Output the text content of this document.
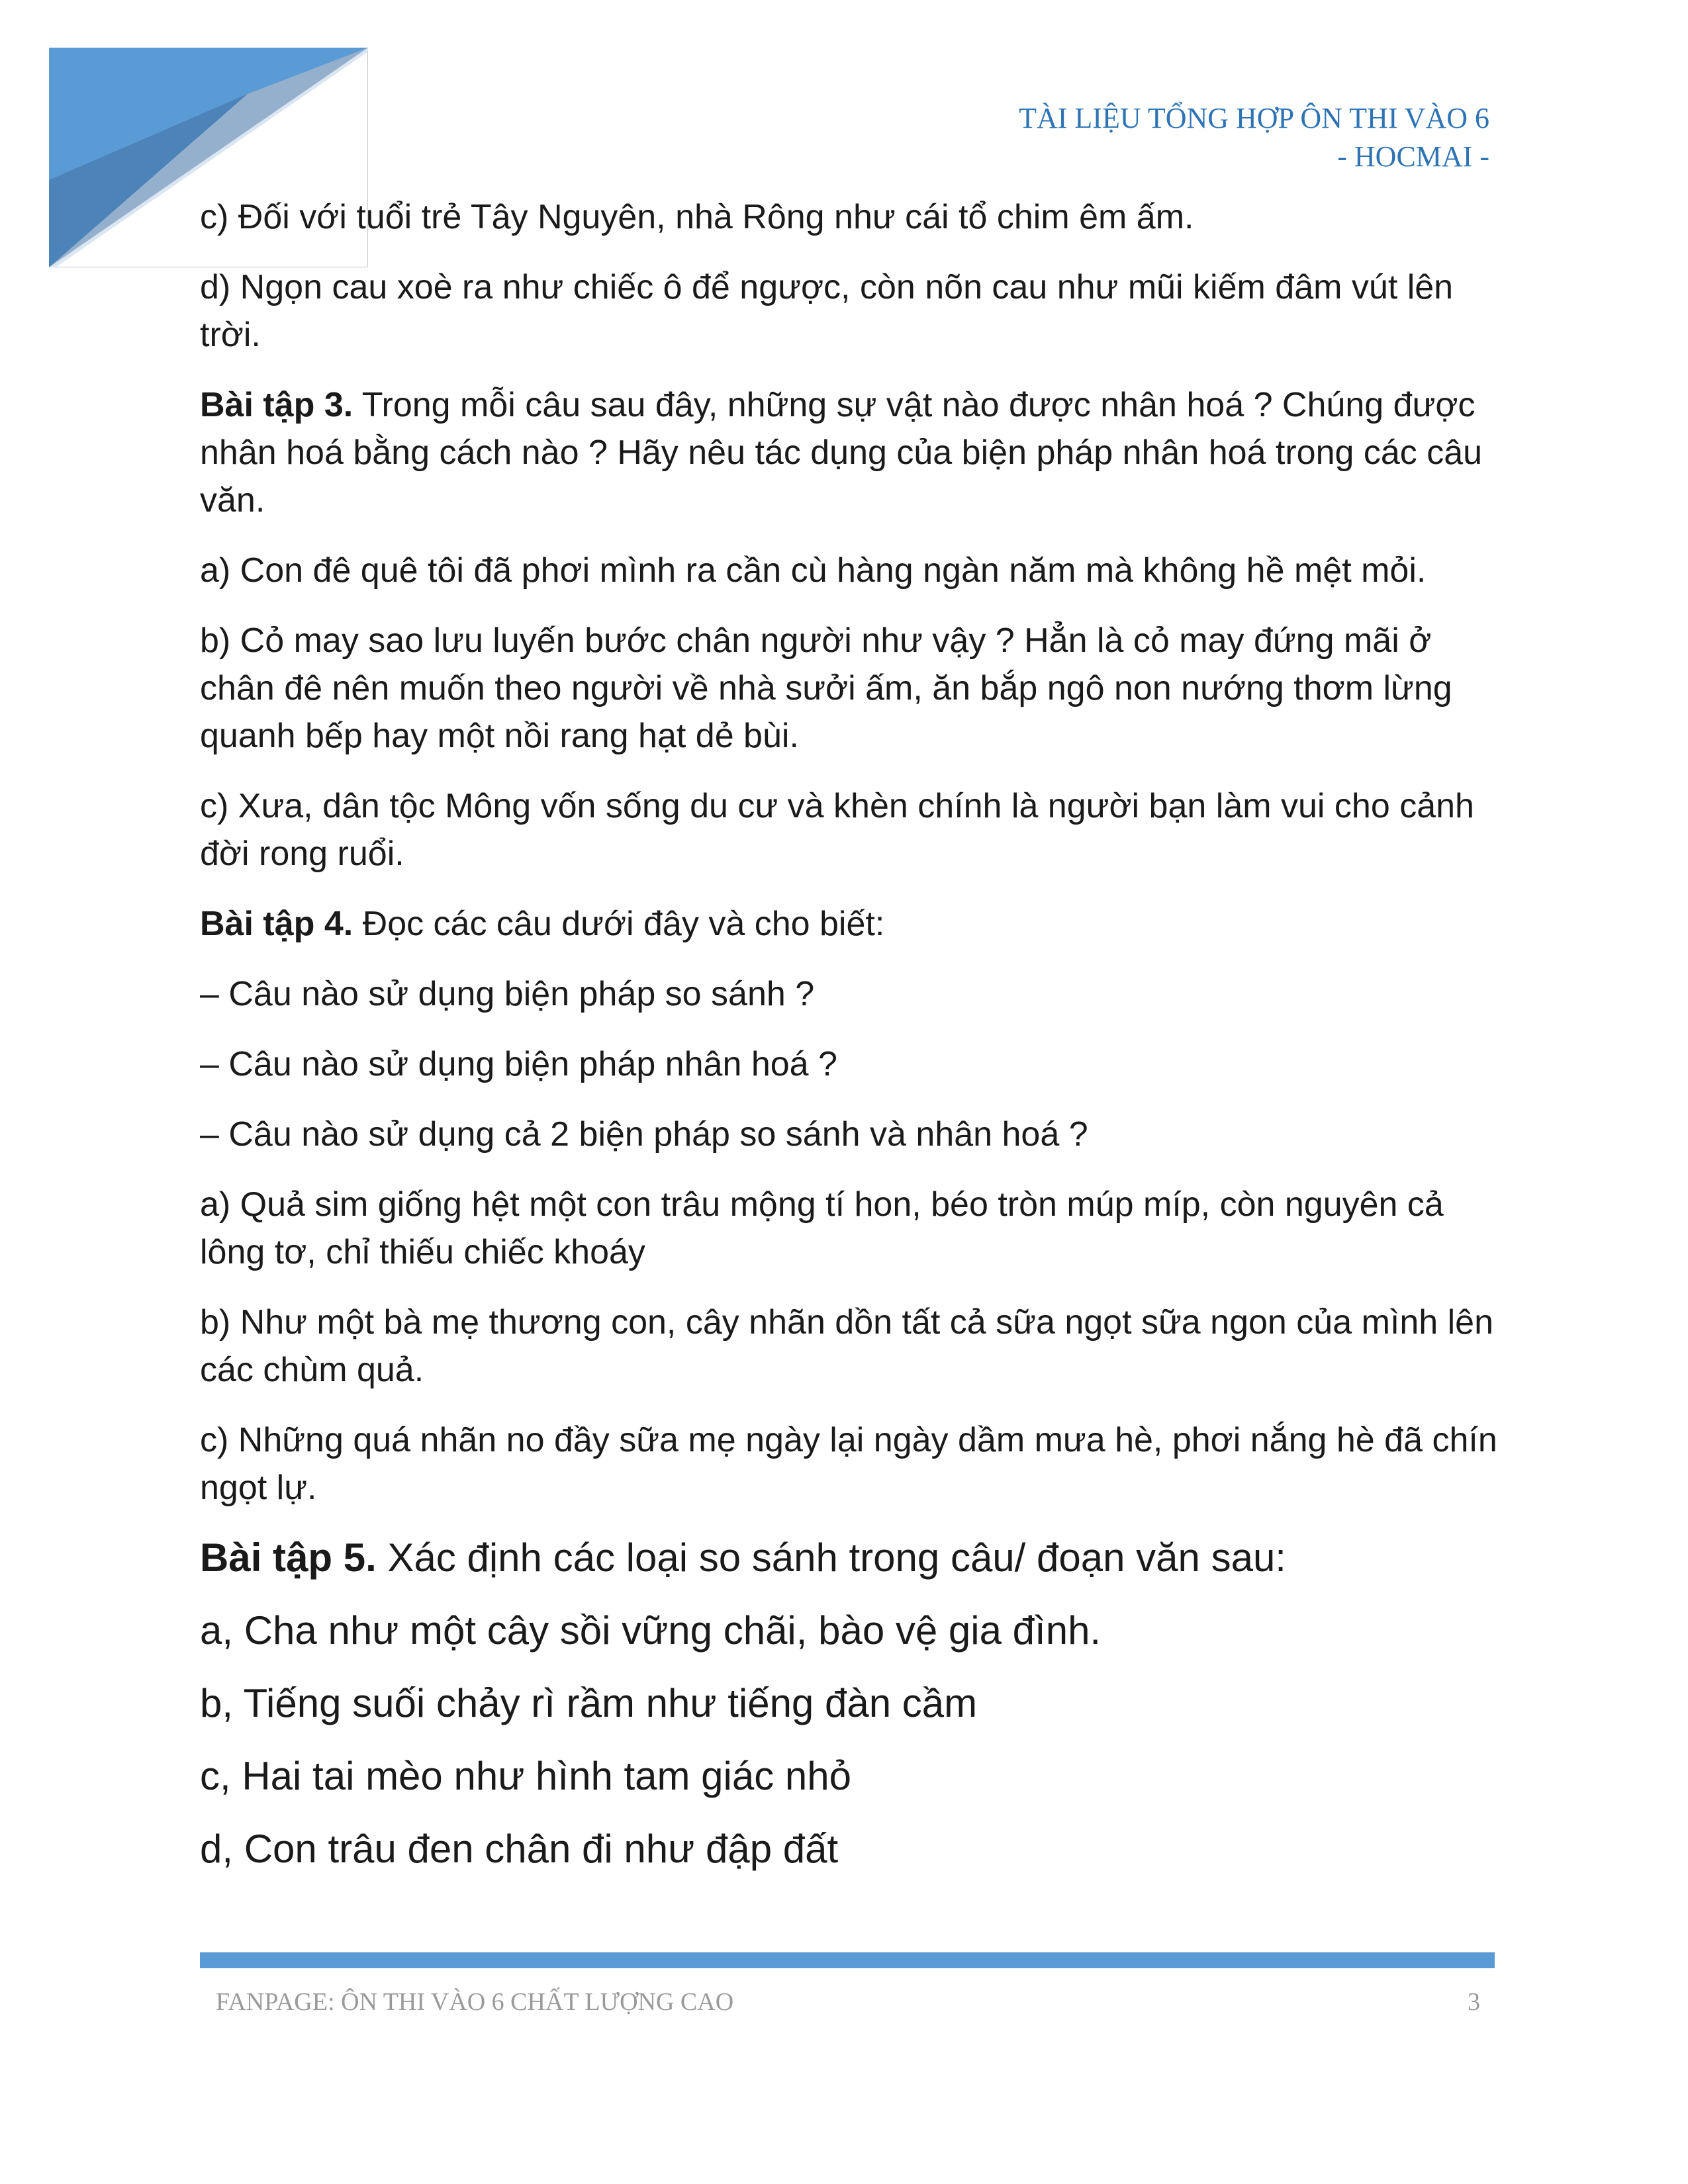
TÀI LIỆU TỔNG HỢP ÔN THI VÀO 6
- HOCMAI -

c) Đối với tuổi trẻ Tây Nguyên, nhà Rông như cái tổ chim êm ấm.

d) Ngọn cau xoè ra như chiếc ô để ngược, còn nõn cau như mũi kiếm đâm vút lên trời.

Bài tập 3. Trong mỗi câu sau đây, những sự vật nào được nhân hoá ? Chúng được nhân hoá bằng cách nào ? Hãy nêu tác dụng của biện pháp nhân hoá trong các câu văn.

a) Con đê quê tôi đã phơi mình ra cần cù hàng ngàn năm mà không hề mệt mỏi.

b) Cỏ may sao lưu luyến bước chân người như vậy ? Hẳn là cỏ may đứng mãi ở chân đê nên muốn theo người về nhà sưởi ấm, ăn bắp ngô non nướng thơm lừng quanh bếp hay một nồi rang hạt dẻ bùi.

c) Xưa, dân tộc Mông vốn sống du cư và khèn chính là người bạn làm vui cho cảnh đời rong ruổi.

Bài tập 4. Đọc các câu dưới đây và cho biết:

– Câu nào sử dụng biện pháp so sánh ?

– Câu nào sử dụng biện pháp nhân hoá ?

– Câu nào sử dụng cả 2 biện pháp so sánh và nhân hoá ?

a) Quả sim giống hệt một con trâu mộng tí hon, béo tròn múp míp, còn nguyên cả lông tơ, chỉ thiếu chiếc khoáy

b) Như một bà mẹ thương con, cây nhãn dồn tất cả sữa ngọt sữa ngon của mình lên các chùm quả.

c) Những quá nhãn no đầy sữa mẹ ngày lại ngày dầm mưa hè, phơi nắng hè đã chín ngọt lự.

Bài tập 5. Xác định các loại so sánh trong câu/ đoạn văn sau:

a, Cha như một cây sồi vững chãi, bào vệ gia đình.

b, Tiếng suối chảy rì rầm như tiếng đàn cầm

c, Hai tai mèo như hình tam giác nhỏ

d, Con trâu đen chân đi như đập đất

FANPAGE: ÔN THI VÀO 6 CHẤT LƯỢNG CAO	3
